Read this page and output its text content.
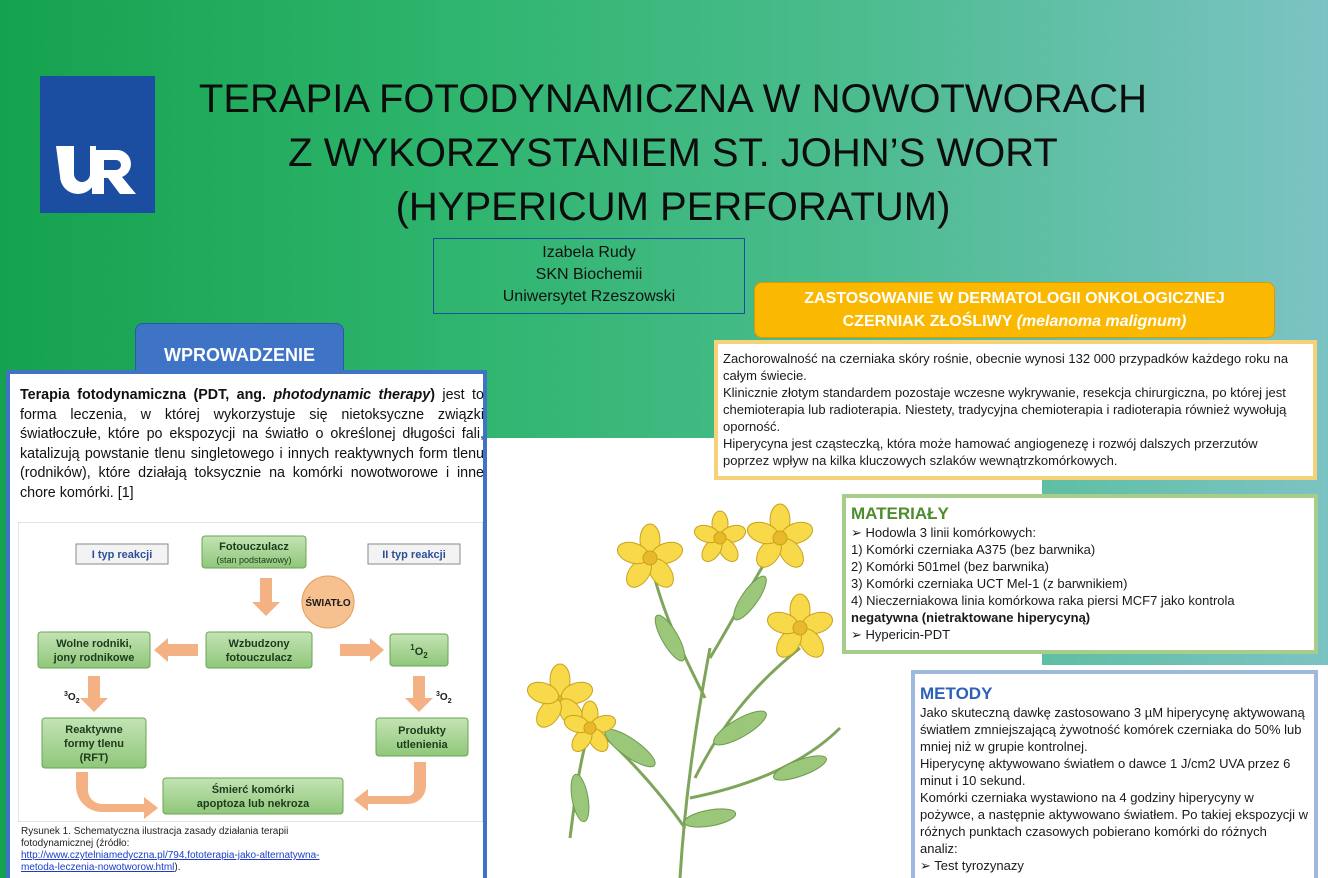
TERAPIA FOTODYNAMICZNA W NOWOTWORACH
Z WYKORZYSTANIEM ST. JOHN’S WORT
(HYPERICUM PERFORATUM)
Izabela Rudy
SKN Biochemii
Uniwersytet Rzeszowski
WPROWADZENIE
Terapia fotodynamiczna (PDT, ang. photodynamic therapy) jest to forma leczenia, w której wykorzystuje się nietoksyczne związki światłoczułe, które po ekspozycji na światło o określonej długości fali, katalizują powstanie tlenu singletowego i innych reaktywnych form tlenu (rodników), które działają toksycznie na komórki nowotworowe i inne chore komórki. [1]
I typ reakcji	II typ reakcji
Fotouczulacz
(stan podstawowy)
ŚWIATŁO
Wzbudzony
fotouczulacz
Wolne rodniki,
jony rodnikowe
$^1O_2$
$^3O_2$
$^3O_2$
Reaktywne
formy tlenu
(RFT)
Produkty
utlenienia
Śmierć komórki
apoptoza lub nekroza
Rysunek 1. Schematyczna ilustracja zasady działania terapii
fotodynamicznej (źródło:
http://www.czytelniamedyczna.pl/794,fototerapia-jako-alternatywna-
metoda-leczenia-nowotworow.html).
ZASTOSOWANIE W DERMATOLOGII ONKOLOGICZNEJ
CZERNIAK ZŁOŚLIWY (melanoma malignum)
Zachorowalność na czerniaka skóry rośnie, obecnie wynosi 132 000 przypadków każdego roku na całym świecie.
Klinicznie złotym standardem pozostaje wczesne wykrywanie, resekcja chirurgiczna, po której jest chemioterapia lub radioterapia. Niestety, tradycyjna chemioterapia i radioterapia również wywołują oporność.
Hiperycyna jest cząsteczką, która może hamować angiogenezę i rozwój dalszych przerzutów poprzez wpływ na kilka kluczowych szlaków wewnątrzkomórkowych.
MATERIAŁY
➢ Hodowla 3 linii komórkowych:
1) Komórki czerniaka A375 (bez barwnika)
2) Komórki 501mel (bez barwnika)
3) Komórki czerniaka UCT Mel-1 (z barwnikiem)
4) Nieczerniakowa linia komórkowa raka piersi MCF7 jako kontrola
negatywna (nietraktowane hiperycyną)
➢ Hypericin-PDT
METODY
Jako skuteczną dawkę zastosowano 3 µM hiperycynę aktywowaną światłem zmniejszającą żywotność komórek czerniaka do 50% lub mniej niż w grupie kontrolnej.
Hiperycynę aktywowano światłem o dawce 1 J/cm2 UVA przez 6 minut i 10 sekund.
Komórki czerniaka wystawiono na 4 godziny hiperycyny w pożywce, a następnie aktywowano światłem. Po takiej ekspozycji w różnych punktach czasowych pobierano komórki do różnych analiz:
➢ Test tyrozynazy
